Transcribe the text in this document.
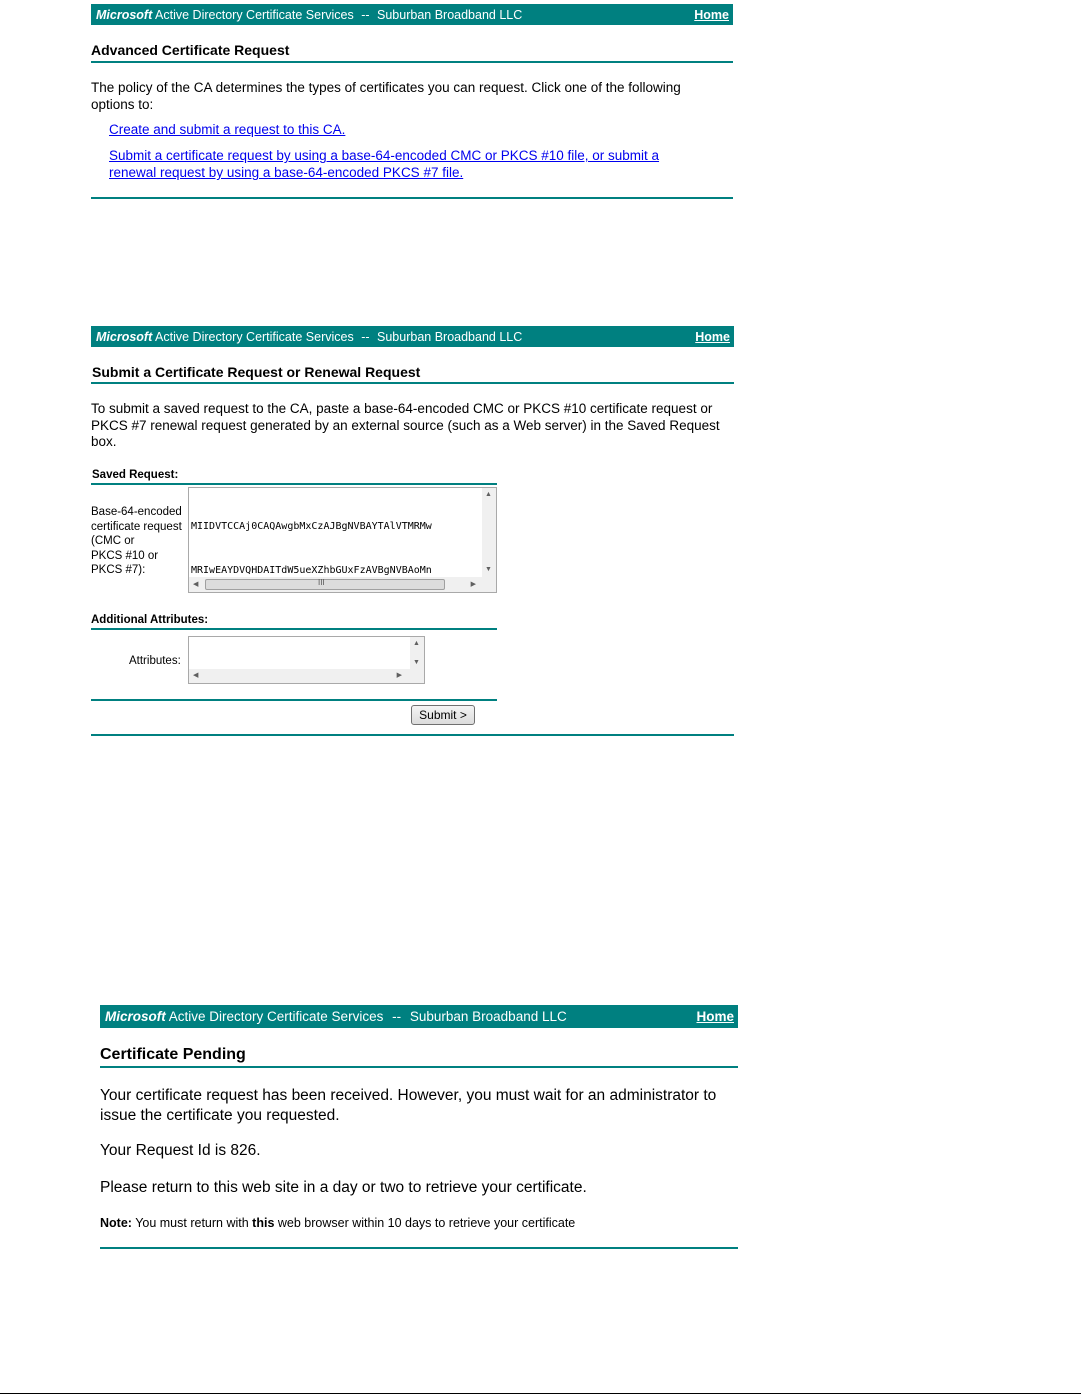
Microsoft Active Directory Certificate Services -- Suburban Broadband LLC	Home
Advanced Certificate Request
The policy of the CA determines the types of certificates you can request. Click one of the following options to:
Create and submit a request to this CA.
Submit a certificate request by using a base-64-encoded CMC or PKCS #10 file, or submit a
renewal request by using a base-64-encoded PKCS #7 file.
Microsoft Active Directory Certificate Services -- Suburban Broadband LLC	Home
Submit a Certificate Request or Renewal Request
To submit a saved request to the CA, paste a base-64-encoded CMC or PKCS #10 certificate request or PKCS #7 renewal request generated by an external source (such as a Web server) in the Saved Request box.
Saved Request:
Base-64-encoded
certificate request
(CMC or
PKCS #10 or
PKCS #7):

MIIDVTCCAj0CAQAwgbMxCzAJBgNVBAYTAlVTMRMw

MRIwEAYDVQHDAITdW5ueXZhbGUxFzAVBgNVBAoMn

▲
▼
◀	III	▶
Additional Attributes:
Attributes:
▲
▼
◀	▶
Submit >
Microsoft Active Directory Certificate Services -- Suburban Broadband LLC	Home
Certificate Pending
Your certificate request has been received. However, you must wait for an administrator to issue the certificate you requested.
Your Request Id is 826.
Please return to this web site in a day or two to retrieve your certificate.
Note: You must return with this web browser within 10 days to retrieve your certificate
